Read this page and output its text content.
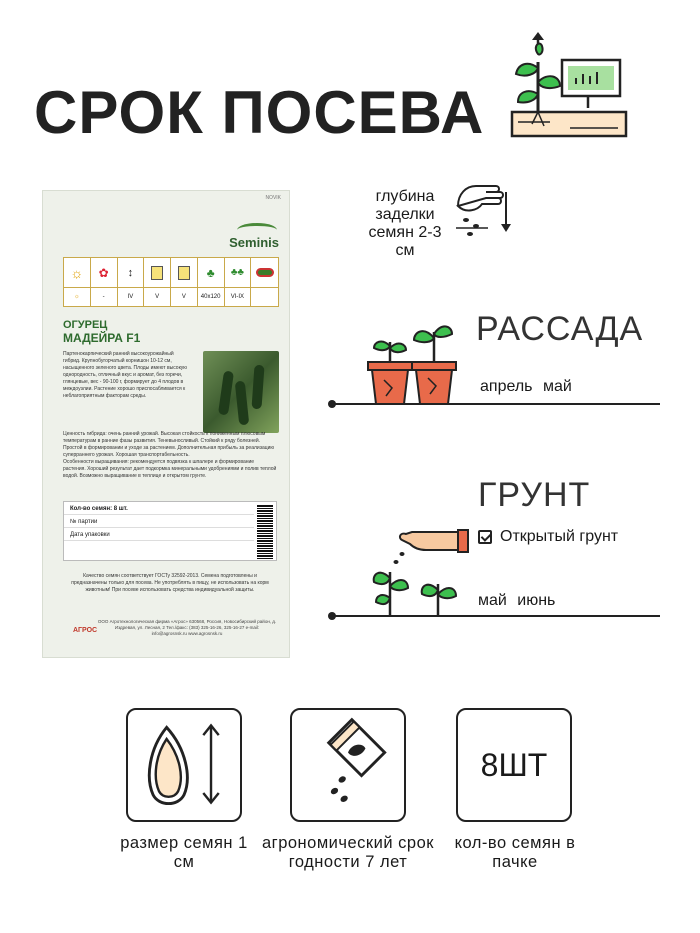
СРОК ПОСЕВА
NOVIK
Seminis
☼
☼
✿
-
↕
IV	V	V
♣
40x120
♣♣
VI-IX
ОГУРЕЦ
МАДЕЙРА F1
Партенокарпический ранний высокоурожайный гибрид. Крупнобугорчатый корнишон 10-12 см, насыщенного зеленого цвета. Плоды имеют высокую однородность, отличный вкус и аромат, без горечи, глянцевые, вес - 90-100 г, формирует до 4 плодов в междоузлии. Растение хорошо приспосабливается к неблагоприятным факторам среды.
Ценность гибрида: очень ранний урожай. Высокая стойкость к пониженным плюсовым температурам в ранние фазы развития. Теневыносливый. Стойкий к ряду болезней. Простой в формировании и уходе за растением. Дополнительная прибыль за реализацию суперраннего урожая. Хорошая транспортабельность.
Особенности выращивания: рекомендуется подвязка к шпалере и формирование растения. Хороший результат дает подкормка минеральными удобрениями и полив теплой водой. Возможно выращивание в теплице и открытом грунте.
Кол-во семян: 8 шт.
№ партии
Дата упаковки
Качество семян соответствует ГОСТу 32592-2013. Семена подготовлены и предназначены только для посева. Не употреблять в пищу, не использовать на корм животным! При посеве использовать средства индивидуальной защиты.
АГРОС
ООО Агротехнологическая фирма «Агрос» 630568, Россия, Новосибирский район, д. Издревая, ул. Лесная, 2 Тел./факс: (383) 325-16-26, 325-16-27 e-mail: info@agrosnsk.ru www.agrosnsk.ru
глубина заделки семян 2-3 см
РАССАДА
апрель май
ГРУНТ
Открытый грунт
май июнь
8ШТ
размер семян 1 см
агрономический срок годности 7 лет
кол-во семян в пачке
